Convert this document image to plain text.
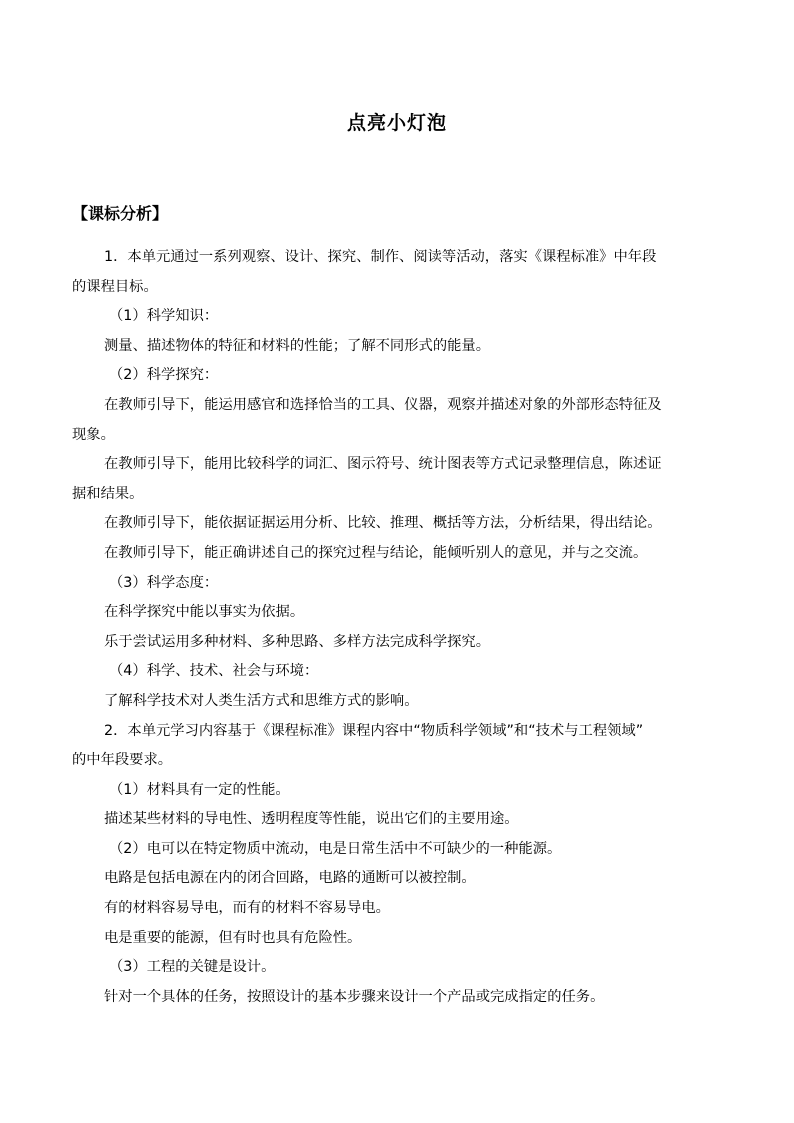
点亮小灯泡
【课标分析】
1．本单元通过一系列观察、设计、探究、制作、阅读等活动，落实《课程标准》中年段
的课程目标。
（1）科学知识：
测量、描述物体的特征和材料的性能；了解不同形式的能量。
（2）科学探究：
在教师引导下，能运用感官和选择恰当的工具、仪器，观察并描述对象的外部形态特征及
现象。
在教师引导下，能用比较科学的词汇、图示符号、统计图表等方式记录整理信息，陈述证
据和结果。
在教师引导下，能依据证据运用分析、比较、推理、概括等方法，分析结果，得出结论。
在教师引导下，能正确讲述自己的探究过程与结论，能倾听别人的意见，并与之交流。
（3）科学态度：
在科学探究中能以事实为依据。
乐于尝试运用多种材料、多种思路、多样方法完成科学探究。
（4）科学、技术、社会与环境：
了解科学技术对人类生活方式和思维方式的影响。
2．本单元学习内容基于《课程标准》课程内容中“物质科学领域”和“技术与工程领域”
的中年段要求。
（1）材料具有一定的性能。
描述某些材料的导电性、透明程度等性能，说出它们的主要用途。
（2）电可以在特定物质中流动，电是日常生活中不可缺少的一种能源。
电路是包括电源在内的闭合回路，电路的通断可以被控制。
有的材料容易导电，而有的材料不容易导电。
电是重要的能源，但有时也具有危险性。
（3）工程的关键是设计。
针对一个具体的任务，按照设计的基本步骤来设计一个产品或完成指定的任务。
